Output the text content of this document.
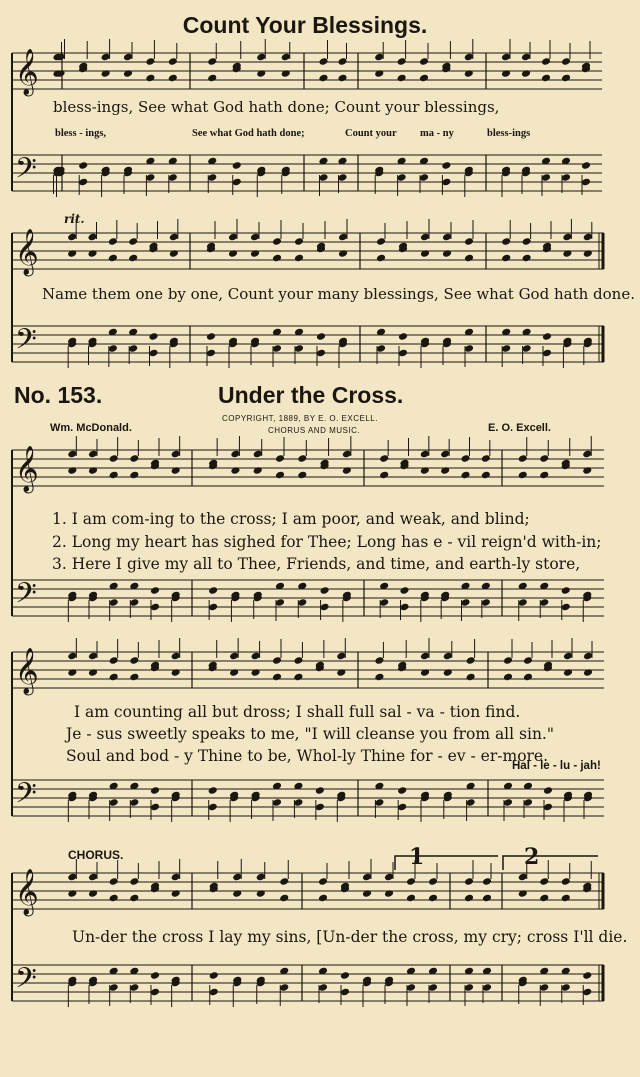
𝄞
𝄢
𝄞
𝄢
𝄞
𝄢
𝄞
𝄢
𝄞
𝄢
Count Your Blessings.
bless-ings, See what God hath done; Count your blessings,
bless - ings,	See what God hath done;	Count your ma - ny	bless-ings
rit.
Name them one by one, Count your many blessings, See what God hath done.
No. 153.	Under the Cross.
COPYRIGHT, 1889, BY E. O. EXCELL.
CHORUS AND MUSIC.
Wm. McDonald.	E. O. Excell.
1. I am com-ing to the cross; I am poor, and weak, and blind;
2. Long my heart has sighed for Thee; Long has e - vil reign'd with-in;
3. Here I give my all to Thee, Friends, and time, and earth-ly store,
I am counting all but dross; I shall full sal - va - tion find.
Je - sus sweetly speaks to me, "I will cleanse you from all sin."
Soul and bod - y Thine to be, Whol-ly Thine for - ev - er-more.
Hal - le - lu - jah!
CHORUS.	1	2
Un-der the cross I lay my sins, [Un-der the cross, my cry; cross I'll die.
